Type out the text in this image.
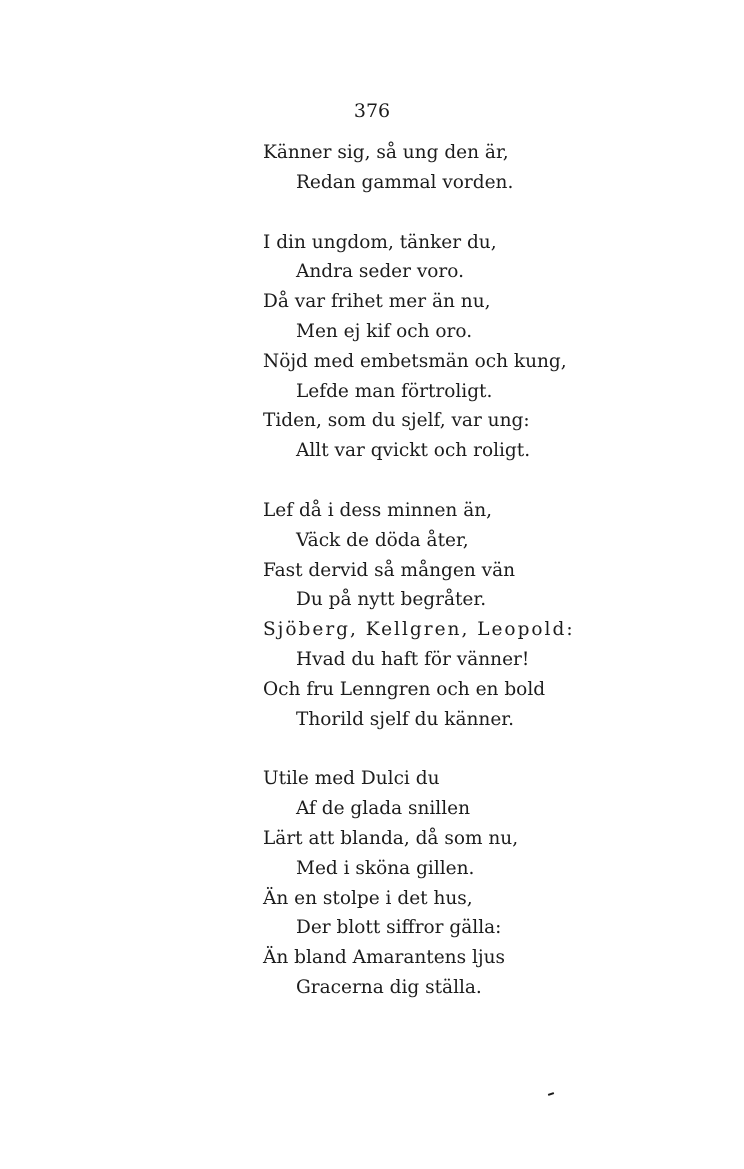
376
Känner sig, så ung den är,
Redan gammal vorden.
I din ungdom, tänker du,
Andra seder voro.
Då var frihet mer än nu,
Men ej kif och oro.
Nöjd med embetsmän och kung,
Lefde man förtroligt.
Tiden, som du sjelf, var ung:
Allt var qvickt och roligt.
Lef då i dess minnen än,
Väck de döda åter,
Fast dervid så mången vän
Du på nytt begråter.
Sjöberg, Kellgren, Leopold:
Hvad du haft för vänner!
Och fru Lenngren och en bold
Thorild sjelf du känner.
Utile med Dulci du
Af de glada snillen
Lärt att blanda, då som nu,
Med i sköna gillen.
Än en stolpe i det hus,
Der blott siffror gälla:
Än bland Amarantens ljus
Gracerna dig ställa.
